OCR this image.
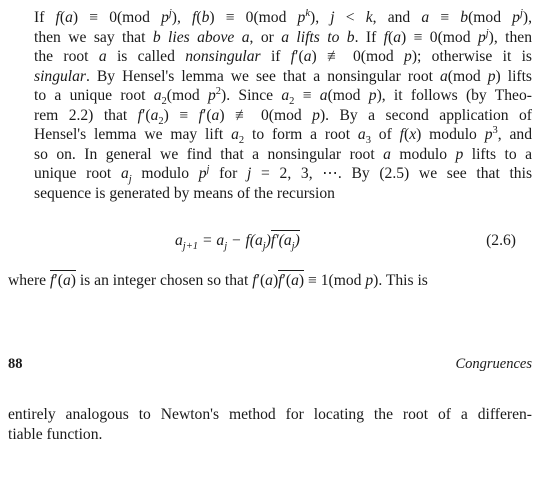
If f(a) ≡ 0(mod $p^j$), f(b) ≡ 0(mod $p^k$), j < k, and a ≡ b(mod $p^j$),
then we say that b lies above a, or a lifts to b. If f(a) ≡ 0(mod $p^j$), then
the root a is called nonsingular if f′(a) ≢ 0(mod p); otherwise it is
singular. By Hensel's lemma we see that a nonsingular root a(mod p) lifts
to a unique root $a_2(mod$ $p^2$). Since $a_2 \equiv a(mod$ p), it follows (by Theo-
rem 2.2) that $f'(a_2) \equiv f'(a)$ ≢ 0(mod p). By a second application of
Hensel's lemma we may lift $a_2$ to form a root $a_3$ of f(x) modulo $p^3$, and
so on. In general we find that a nonsingular root a modulo p lifts to a
unique root $a_j$ modulo $p^j$ for j = 2, 3, ⋯. By (2.5) we see that this
sequence is generated by means of the recursion
$a_{j+1} = a_j - f(a_j)f'(a_j)$	(2.6)
where f′(a) is an integer chosen so that f′(a)f′(a) ≡ 1(mod p). This is
88	Congruences
entirely analogous to Newton's method for locating the root of a differen-
tiable function.
